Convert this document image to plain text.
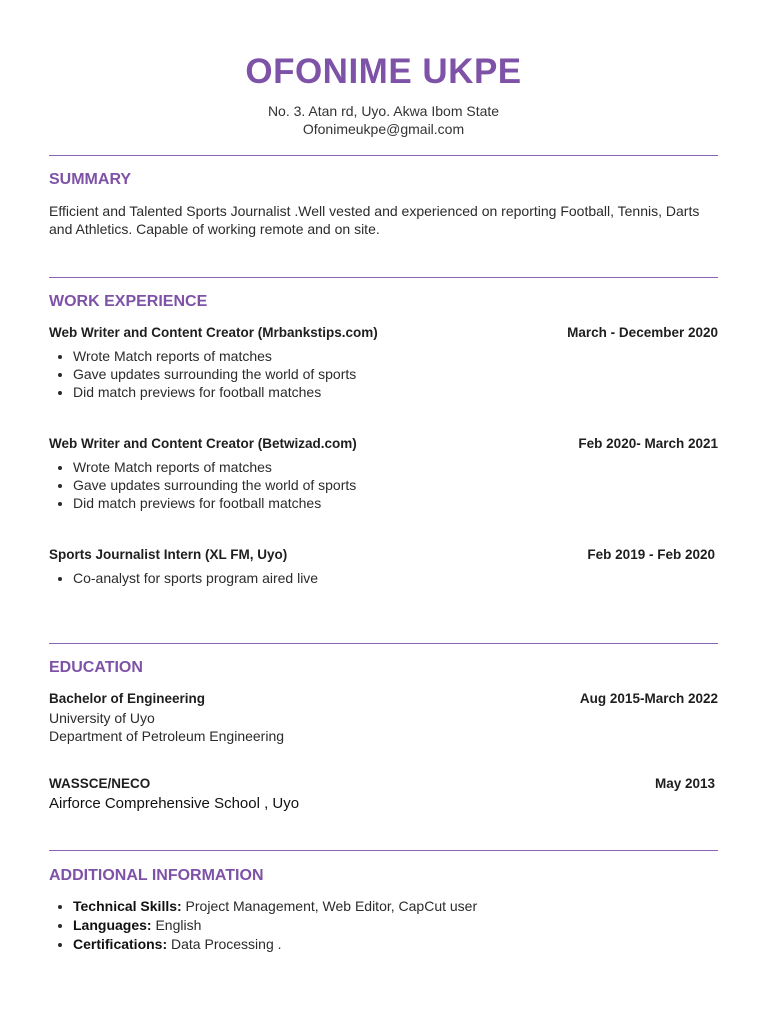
OFONIME UKPE
No. 3. Atan rd, Uyo. Akwa Ibom State
Ofonimeukpe@gmail.com
SUMMARY
Efficient and Talented Sports Journalist .Well vested and experienced on reporting Football, Tennis, Darts and Athletics. Capable of working remote and on site.
WORK EXPERIENCE
Web Writer and Content Creator (Mrbankstips.com)	March - December 2020
• Wrote Match reports of matches
• Gave updates surrounding the world of sports
• Did match previews for football matches
Web Writer and Content Creator (Betwizad.com)	Feb 2020- March 2021
• Wrote Match reports of matches
• Gave updates surrounding the world of sports
• Did match previews for football matches
Sports Journalist Intern (XL FM, Uyo)	Feb 2019 - Feb 2020
• Co-analyst for sports program aired live
EDUCATION
Bachelor of Engineering	Aug 2015-March 2022
University of Uyo
Department of Petroleum Engineering
WASSCE/NECO	May 2013
Airforce Comprehensive School , Uyo
ADDITIONAL INFORMATION
• Technical Skills: Project Management, Web Editor, CapCut user
• Languages: English
• Certifications: Data Processing .
